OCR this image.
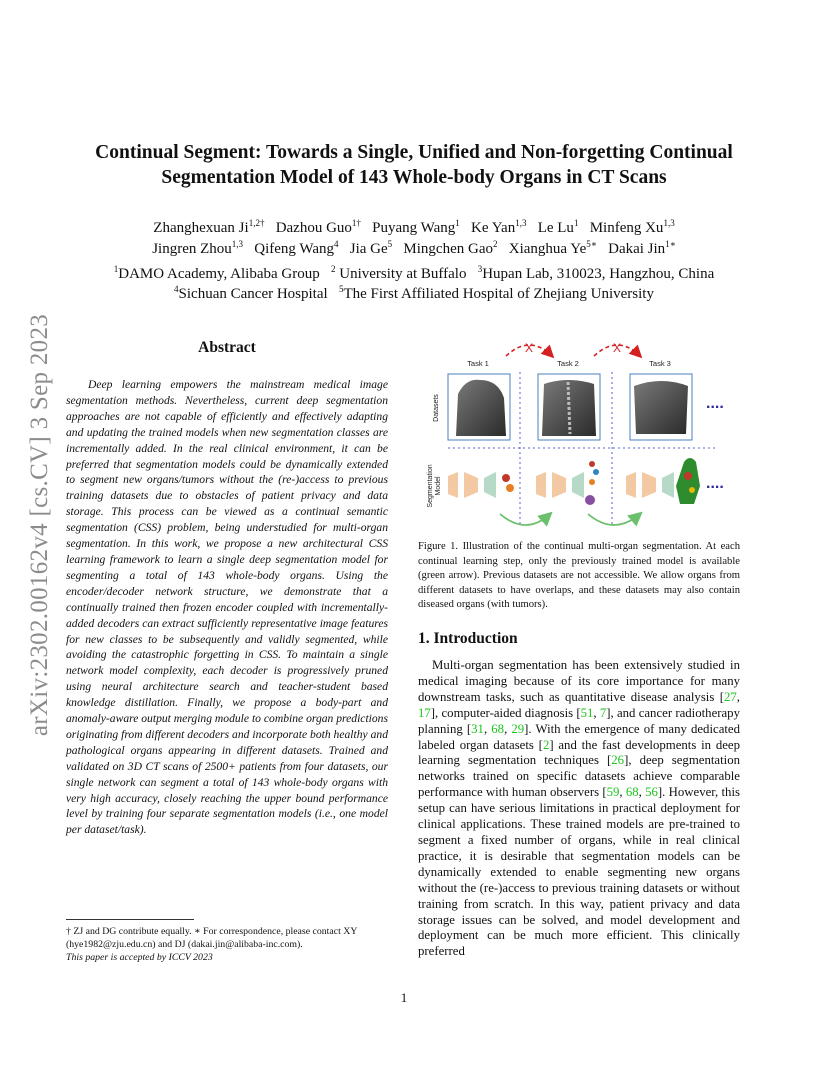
arXiv:2302.00162v4 [cs.CV] 3 Sep 2023
Continual Segment: Towards a Single, Unified and Non-forgetting Continual Segmentation Model of 143 Whole-body Organs in CT Scans
Zhanghexuan $Ji^{1,2\dagger}$ Dazhou Guo$^{1\dagger}$ Puyang Wang$^1$ Ke Yan$^{1,3}$ Le Lu$^1$ Minfeng Xu$^{1,3}$
Jingren Zhou$^{1,3}$ Qifeng Wang$^4$ Jia Ge$^5$ Mingchen Gao$^2$ Xianghua $Ye^{5∗}$ Dakai Jin$^{1∗}$
$^1$DAMO Academy, Alibaba Group $^2$ University at Buffalo $^3$Hupan Lab, 310023, Hangzhou, China
$^4$Sichuan Cancer Hospital $^5$The First Affiliated Hospital of Zhejiang University
Abstract

Deep learning empowers the mainstream medical image segmentation methods. Nevertheless, current deep segmentation approaches are not capable of efficiently and effectively adapting and updating the trained models when new segmentation classes are incrementally added. In the real clinical environment, it can be preferred that segmentation models could be dynamically extended to segment new organs/tumors without the (re-)access to previous training datasets due to obstacles of patient privacy and data storage. This process can be viewed as a continual semantic segmentation (CSS) problem, being understudied for multi-organ segmentation. In this work, we propose a new architectural CSS learning framework to learn a single deep segmentation model for segmenting a total of 143 whole-body organs. Using the encoder/decoder network structure, we demonstrate that a continually trained then frozen encoder coupled with incrementally-added decoders can extract sufficiently representative image features for new classes to be subsequently and validly segmented, while avoiding the catastrophic forgetting in CSS. To maintain a single network model complexity, each decoder is progressively pruned using neural architecture search and teacher-student based knowledge distillation. Finally, we propose a body-part and anomaly-aware output merging module to combine organ predictions originating from different decoders and incorporate both healthy and pathological organs appearing in different datasets. Trained and validated on 3D CT scans of 2500+ patients from four datasets, our single network can segment a total of 143 whole-body organs with very high accuracy, closely reaching the upper bound performance level by training four separate segmentation models (i.e., one model per dataset/task).

† ZJ and DG contribute equally. ∗ For correspondence, please contact XY (hye1982@zju.edu.cn) and DJ (dakai.jin@alibaba-inc.com).
This paper is accepted by ICCV 2023
1
X	X
Task 1	Task 2	Task 3
Datasets
Segmentation Model
....
....

Figure 1. Illustration of the continual multi-organ segmentation. At each continual learning step, only the previously trained model is available (green arrow). Previous datasets are not accessible. We allow organs from different datasets to have overlaps, and these datasets may also contain diseased organs (with tumors).

1. Introduction

Multi-organ segmentation has been extensively studied in medical imaging because of its core importance for many downstream tasks, such as quantitative disease analysis [27, 17], computer-aided diagnosis [51, 7], and cancer radiotherapy planning [31, 68, 29]. With the emergence of many dedicated labeled organ datasets [2] and the fast developments in deep learning segmentation techniques [26], deep segmentation networks trained on specific datasets achieve comparable performance with human observers [59, 68, 56]. However, this setup can have serious limitations in practical deployment for clinical applications. These trained models are pre-trained to segment a fixed number of organs, while in real clinical practice, it is desirable that segmentation models can be dynamically extended to enable segmenting new organs without the (re-)access to previous training datasets or without training from scratch. In this way, patient privacy and data storage issues can be solved, and model development and deployment can be much more efficient. This clinically preferred
